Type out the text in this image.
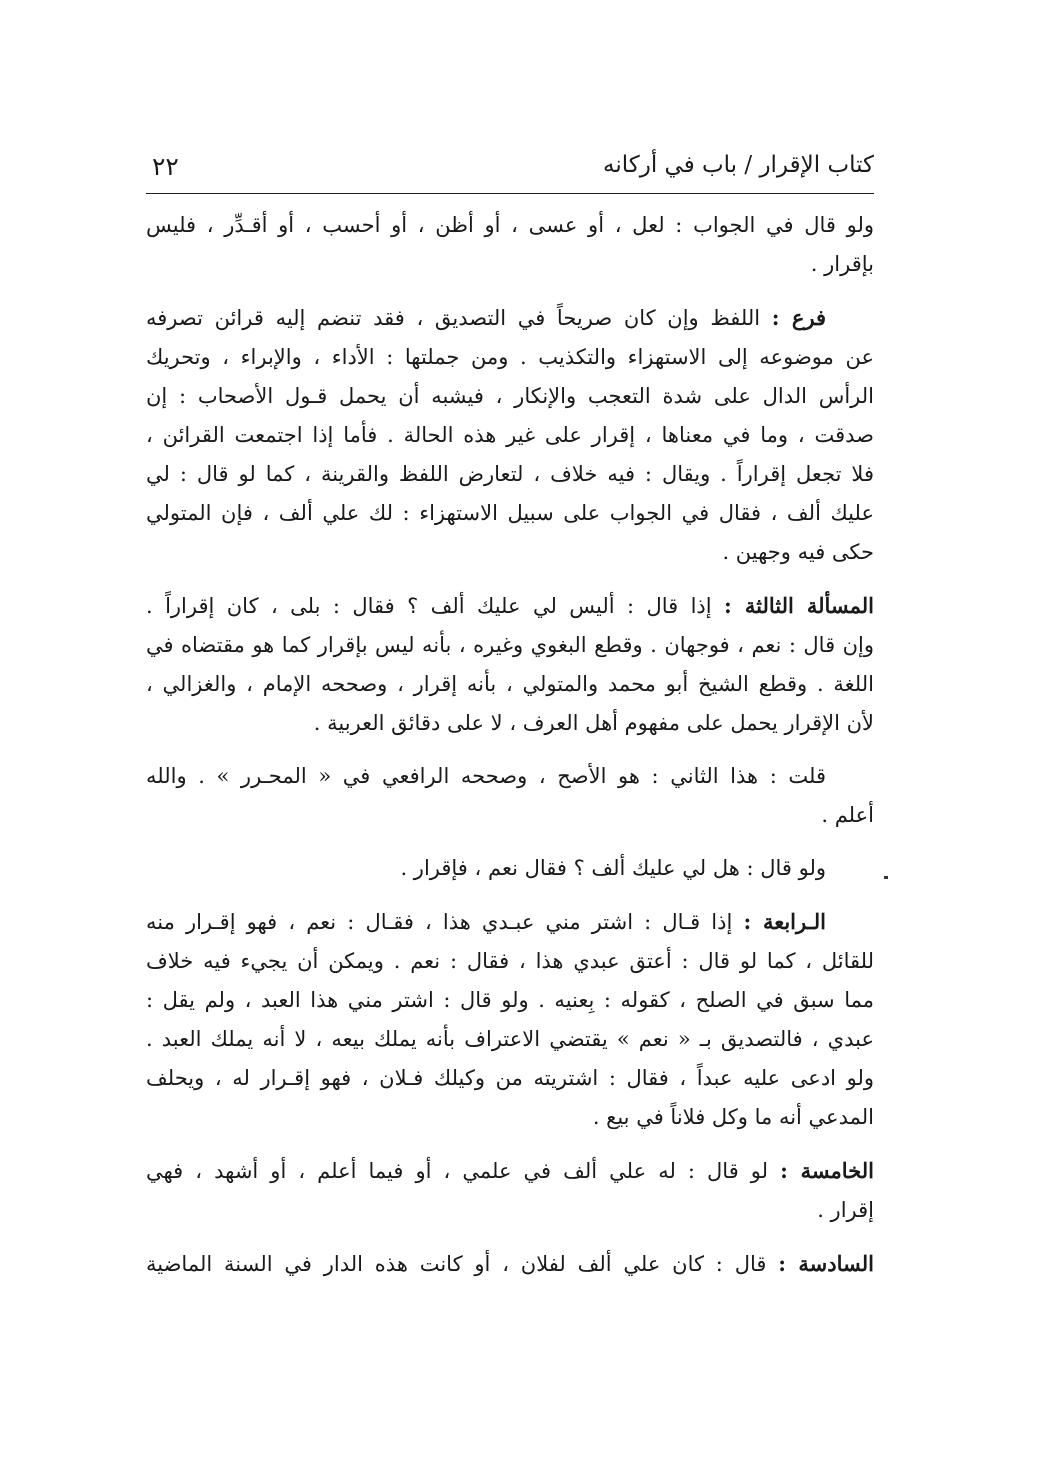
كتاب الإقرار / باب في أركانه
٢٢

ولو قال في الجواب : لعل ، أو عسى ، أو أظن ، أو أحسب ، أو أقـدِّر ، فليس
بإقرار .

فرع : اللفظ وإن كان صريحاً في التصديق ، فقد تنضم إليه قرائن تصرفه
عن موضوعه إلى الاستهزاء والتكذيب . ومن جملتها : الأداء ، والإبراء ، وتحريك
الرأس الدال على شدة التعجب والإنكار ، فيشبه أن يحمل قـول الأصحاب : إن
صدقت ، وما في معناها ، إقرار على غير هذه الحالة . فأما إذا اجتمعت القرائن ،
فلا تجعل إقراراً . ويقال : فيه خلاف ، لتعارض اللفظ والقرينة ، كما لو قال : لي
عليك ألف ، فقال في الجواب على سبيل الاستهزاء : لك علي ألف ، فإن المتولي
حكى فيه وجهين .

المسألة الثالثة : إذا قال : أليس لي عليك ألف ؟ فقال : بلى ، كان إقراراً .
وإن قال : نعم ، فوجهان . وقطع البغوي وغيره ، بأنه ليس بإقرار كما هو مقتضاه في
اللغة . وقطع الشيخ أبو محمد والمتولي ، بأنه إقرار ، وصححه الإمام ، والغزالي ،
لأن الإقرار يحمل على مفهوم أهل العرف ، لا على دقائق العربية .

قلت : هذا الثاني : هو الأصح ، وصححه الرافعي في « المحـرر » . والله
أعلم .

ولو قال : هل لي عليك ألف ؟ فقال نعم ، فإقرار .

الـرابعة : إذا قـال : اشتر مني عبـدي هذا ، فقـال : نعم ، فهو إقـرار منه
للقائل ، كما لو قال : أعتق عبدي هذا ، فقال : نعم . ويمكن أن يجيء فيه خلاف
مما سبق في الصلح ، كقوله : بِعنيه . ولو قال : اشتر مني هذا العبد ، ولم يقل :
عبدي ، فالتصديق بـ « نعم » يقتضي الاعتراف بأنه يملك بيعه ، لا أنه يملك العبد .
ولو ادعى عليه عبداً ، فقال : اشتريته من وكيلك فـلان ، فهو إقـرار له ، ويحلف
المدعي أنه ما وكل فلاناً في بيع .

الخامسة : لو قال : له علي ألف في علمي ، أو فيما أعلم ، أو أشهد ، فهي
إقرار .

السادسة : قال : كان علي ألف لفلان ، أو كانت هذه الدار في السنة الماضية
